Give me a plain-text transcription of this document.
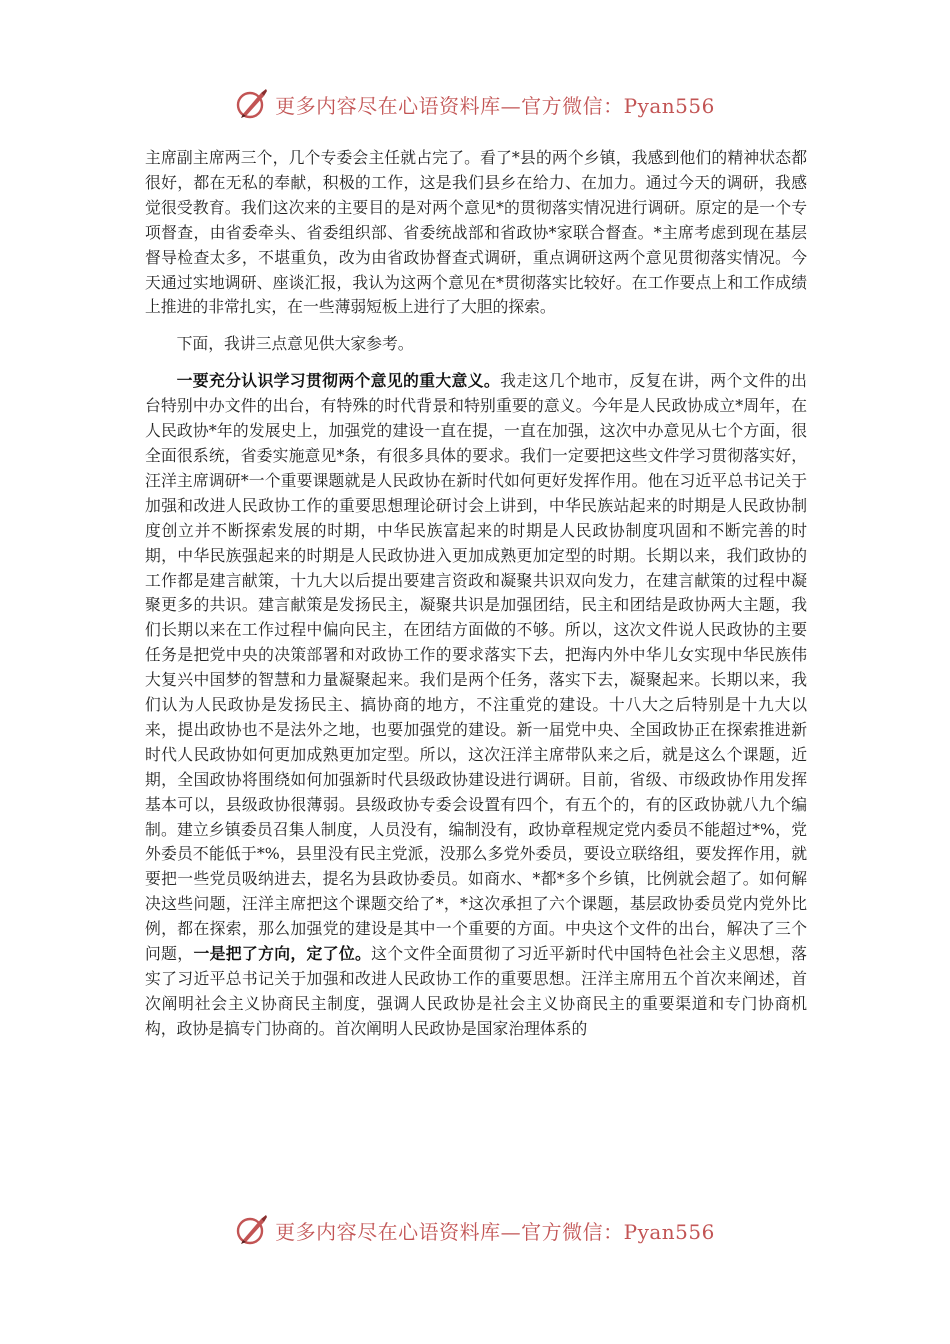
更多内容尽在心语资料库—官方微信：Pyan556

主席副主席两三个，几个专委会主任就占完了。看了*县的两个乡镇，我感到他们的精神状态都很好，都在无私的奉献，积极的工作，这是我们县乡在给力、在加力。通过今天的调研，我感觉很受教育。我们这次来的主要目的是对两个意见*的贯彻落实情况进行调研。原定的是一个专项督查，由省委牵头、省委组织部、省委统战部和省政协*家联合督查。*主席考虑到现在基层督导检查太多，不堪重负，改为由省政协督查式调研，重点调研这两个意见贯彻落实情况。今天通过实地调研、座谈汇报，我认为这两个意见在*贯彻落实比较好。在工作要点上和工作成绩上推进的非常扎实，在一些薄弱短板上进行了大胆的探索。

下面，我讲三点意见供大家参考。

一要充分认识学习贯彻两个意见的重大意义。我走这几个地市，反复在讲，两个文件的出台特别中办文件的出台，有特殊的时代背景和特别重要的意义。今年是人民政协成立*周年，在人民政协*年的发展史上，加强党的建设一直在提，一直在加强，这次中办意见从七个方面，很全面很系统，省委实施意见*条，有很多具体的要求。我们一定要把这些文件学习贯彻落实好，汪洋主席调研*一个重要课题就是人民政协在新时代如何更好发挥作用。他在习近平总书记关于加强和改进人民政协工作的重要思想理论研讨会上讲到，中华民族站起来的时期是人民政协制度创立并不断探索发展的时期，中华民族富起来的时期是人民政协制度巩固和不断完善的时期，中华民族强起来的时期是人民政协进入更加成熟更加定型的时期。长期以来，我们政协的工作都是建言献策，十九大以后提出要建言资政和凝聚共识双向发力，在建言献策的过程中凝聚更多的共识。建言献策是发扬民主，凝聚共识是加强团结，民主和团结是政协两大主题，我们长期以来在工作过程中偏向民主，在团结方面做的不够。所以，这次文件说人民政协的主要任务是把党中央的决策部署和对政协工作的要求落实下去，把海内外中华儿女实现中华民族伟大复兴中国梦的智慧和力量凝聚起来。我们是两个任务，落实下去，凝聚起来。长期以来，我们认为人民政协是发扬民主、搞协商的地方，不注重党的建设。十八大之后特别是十九大以来，提出政协也不是法外之地，也要加强党的建设。新一届党中央、全国政协正在探索推进新时代人民政协如何更加成熟更加定型。所以，这次汪洋主席带队来之后，就是这么个课题，近期，全国政协将围绕如何加强新时代县级政协建设进行调研。目前，省级、市级政协作用发挥基本可以，县级政协很薄弱。县级政协专委会设置有四个，有五个的，有的区政协就八九个编制。建立乡镇委员召集人制度，人员没有，编制没有，政协章程规定党内委员不能超过*%，党外委员不能低于*%，县里没有民主党派，没那么多党外委员，要设立联络组，要发挥作用，就要把一些党员吸纳进去，提名为县政协委员。如商水、*都*多个乡镇，比例就会超了。如何解决这些问题，汪洋主席把这个课题交给了*，*这次承担了六个课题，基层政协委员党内党外比例，都在探索，那么加强党的建设是其中一个重要的方面。中央这个文件的出台，解决了三个问题，一是把了方向，定了位。这个文件全面贯彻了习近平新时代中国特色社会主义思想，落实了习近平总书记关于加强和改进人民政协工作的重要思想。汪洋主席用五个首次来阐述，首次阐明社会主义协商民主制度，强调人民政协是社会主义协商民主的重要渠道和专门协商机构，政协是搞专门协商的。首次阐明人民政协是国家治理体系的

更多内容尽在心语资料库—官方微信：Pyan556
